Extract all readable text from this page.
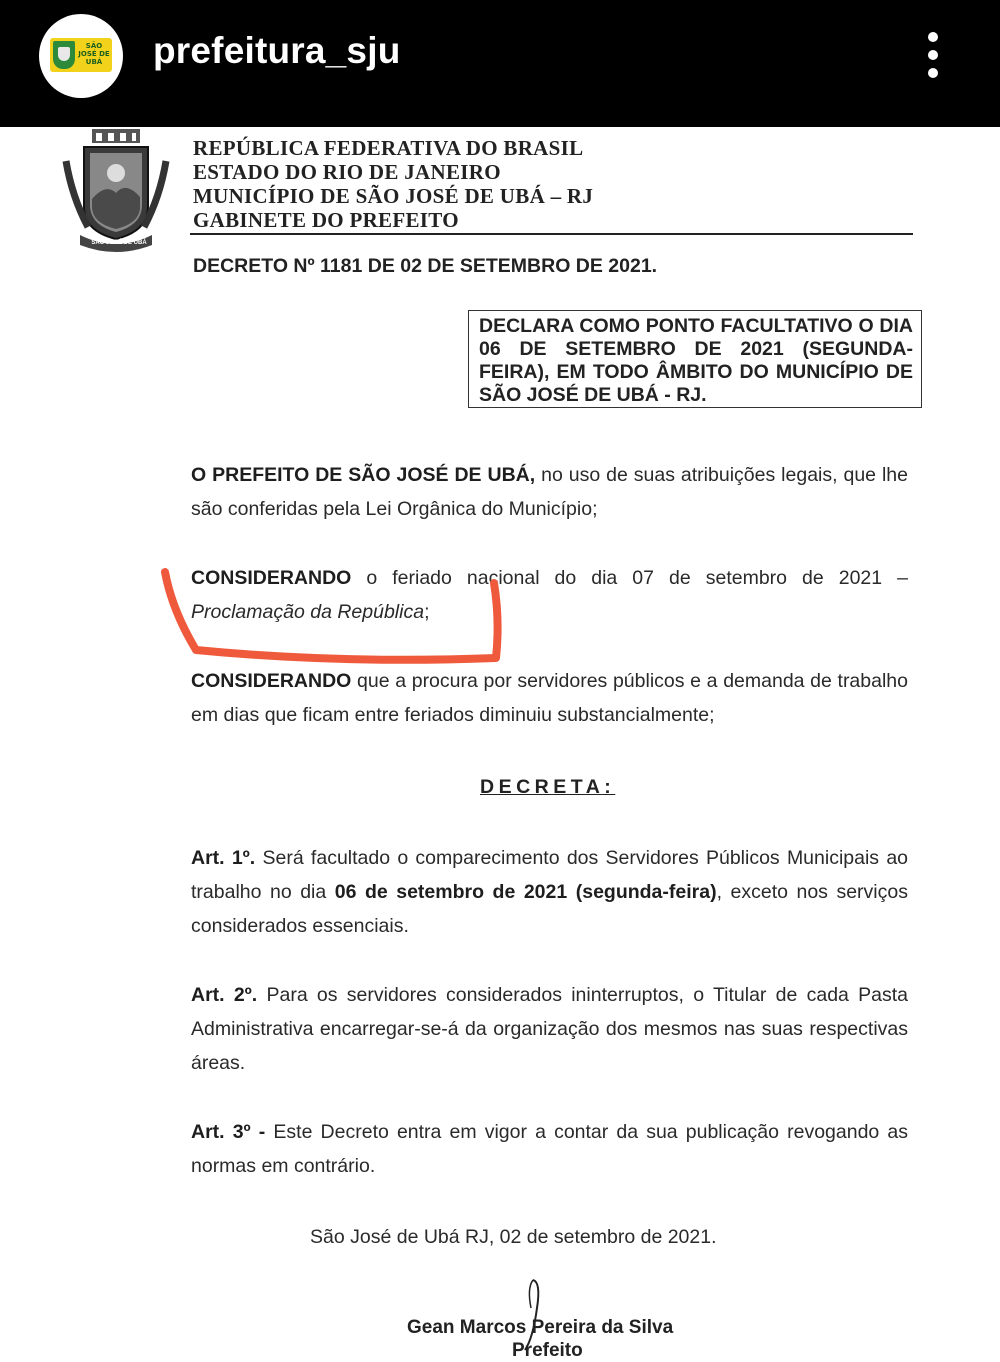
SÃO JOSÉ DE UBÁ prefeitura_sju
SÃO JOSÉ DE UBÁ
REPÚBLICA FEDERATIVA DO BRASIL
ESTADO DO RIO DE JANEIRO
MUNICÍPIO DE SÃO JOSÉ DE UBÁ – RJ
GABINETE DO PREFEITO
DECRETO Nº 1181 DE 02 DE SETEMBRO DE 2021.
DECLARA COMO PONTO FACULTATIVO O DIA 06 DE SETEMBRO DE 2021 (SEGUNDA-FEIRA), EM TODO ÂMBITO DO MUNICÍPIO DE SÃO JOSÉ DE UBÁ - RJ.
O PREFEITO DE SÃO JOSÉ DE UBÁ, no uso de suas atribuições legais, que lhe são conferidas pela Lei Orgânica do Município;
CONSIDERANDO o feriado nacional do dia 07 de setembro de 2021 – Proclamação da República;
CONSIDERANDO que a procura por servidores públicos e a demanda de trabalho em dias que ficam entre feriados diminuiu substancialmente;
DECRETA:
Art. 1º. Será facultado o comparecimento dos Servidores Públicos Municipais ao trabalho no dia 06 de setembro de 2021 (segunda-feira), exceto nos serviços considerados essenciais.
Art. 2º. Para os servidores considerados ininterruptos, o Titular de cada Pasta Administrativa encarregar-se-á da organização dos mesmos nas suas respectivas áreas.
Art. 3º - Este Decreto entra em vigor a contar da sua publicação revogando as normas em contrário.
São José de Ubá RJ, 02 de setembro de 2021.
Gean Marcos Pereira da Silva
Prefeito
